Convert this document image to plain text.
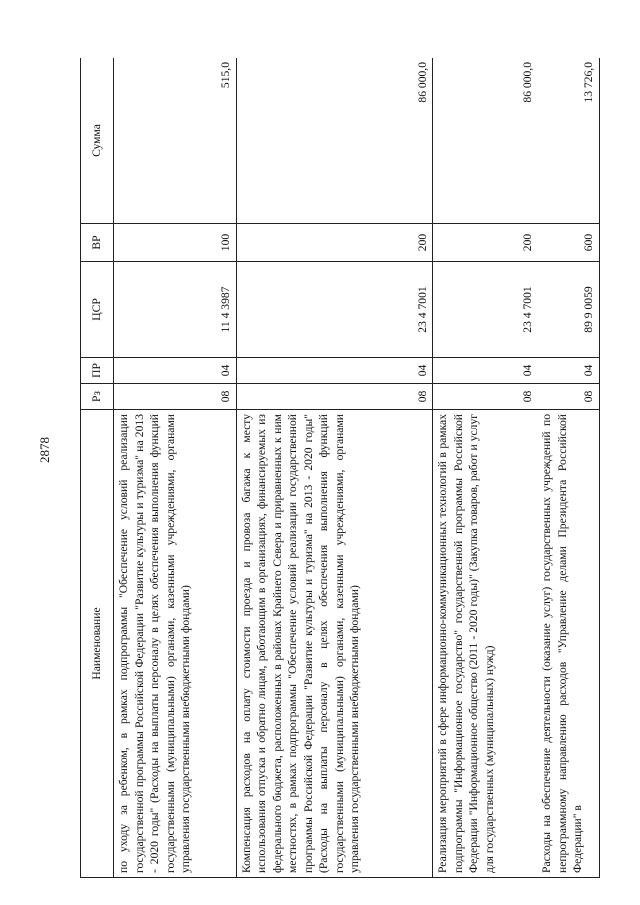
2878
Наименование	Рз	ПР	ЦСР	ВР	Сумма
по уходу за ребенком, в рамках подпрограммы "Обеспечение условий реализации государственной программы Российской Федерации "Развитие культуры и туризма" на 2013 - 2020 годы" (Расходы на выплаты персоналу в целях обеспечения выполнения функций государственными (муниципальными) органами, казенными учреждениями, органами управления государственными внебюджетными фондами)	08	04	11 4 3987	100	515,0
Компенсация расходов на оплату стоимости проезда и провоза багажа к месту использования отпуска и обратно лицам, работающим в организациях, финансируемых из федерального бюджета, расположенных в районах Крайнего Севера и приравненных к ним местностях, в рамках подпрограммы "Обеспечение условий реализации государственной программы Российской Федерации "Развитие культуры и туризма" на 2013 - 2020 годы" (Расходы на выплаты персоналу в целях обеспечения выполнения функций государственными (муниципальными) органами, казенными учреждениями, органами управления государственными внебюджетными фондами)	08	04	23 4 7001	200	86 000,0
Реализация мероприятий в сфере информационно-коммуникационных технологий в рамках подпрограммы "Информационное государство" государственной программы Российской Федерации "Информационное общество (2011 - 2020 годы)" (Закупка товаров, работ и услуг для государственных (муниципальных) нужд)	08	04	23 4 7001	200	86 000,0
Расходы на обеспечение деятельности (оказание услуг) государственных учреждений по непрограммному направлению расходов "Управление делами Президента Российской Федерации" в	08	04	89 9 0059	600	13 726,0
